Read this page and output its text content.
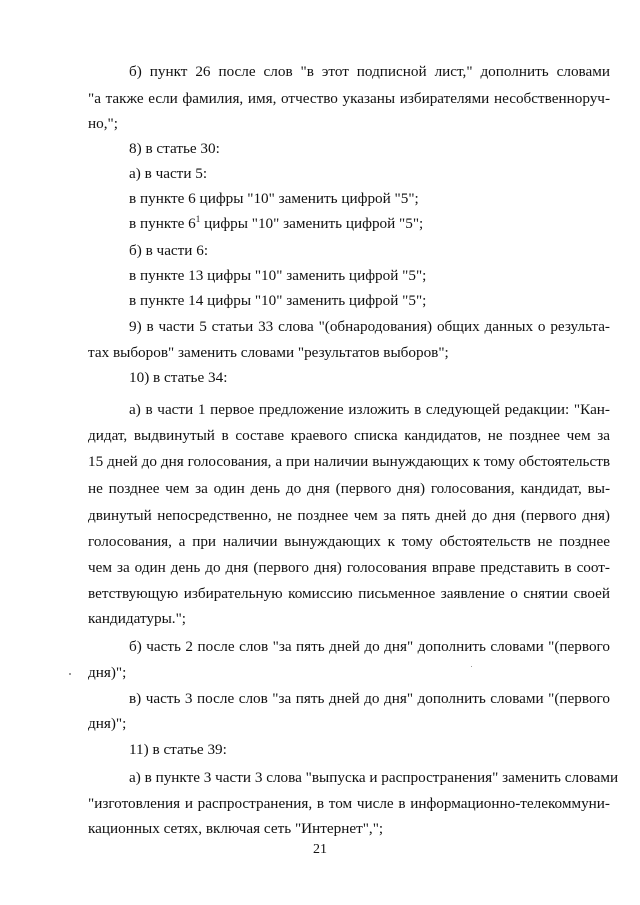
б) пункт 26 после слов "в этот подписной лист," дополнить словами
"а также если фамилия, имя, отчество указаны избирателями несобственноруч-
но,";
8) в статье 30:
а) в части 5:
в пункте 6 цифры "10" заменить цифрой "5";
в пункте $6^1$ цифры "10" заменить цифрой "5";
б) в части 6:
в пункте 13 цифры "10" заменить цифрой "5";
в пункте 14 цифры "10" заменить цифрой "5";
9) в части 5 статьи 33 слова "(обнародования) общих данных о результа-
тах выборов" заменить словами "результатов выборов";
10) в статье 34:
а) в части 1 первое предложение изложить в следующей редакции: "Кан-
дидат, выдвинутый в составе краевого списка кандидатов, не позднее чем за
15 дней до дня голосования, а при наличии вынуждающих к тому обстоятельств
не позднее чем за один день до дня (первого дня) голосования, кандидат, вы-
двинутый непосредственно, не позднее чем за пять дней до дня (первого дня)
голосования, а при наличии вынуждающих к тому обстоятельств не позднее
чем за один день до дня (первого дня) голосования вправе представить в соот-
ветствующую избирательную комиссию письменное заявление о снятии своей
кандидатуры.";
б) часть 2 после слов "за пять дней до дня" дополнить словами "(первого
дня)";
в) часть 3 после слов "за пять дней до дня" дополнить словами "(первого
дня)";
11) в статье 39:
а) в пункте 3 части 3 слова "выпуска и распространения" заменить словами
"изготовления и распространения, в том числе в информационно-телекоммуни-
кационных сетях, включая сеть "Интернет",";
21
